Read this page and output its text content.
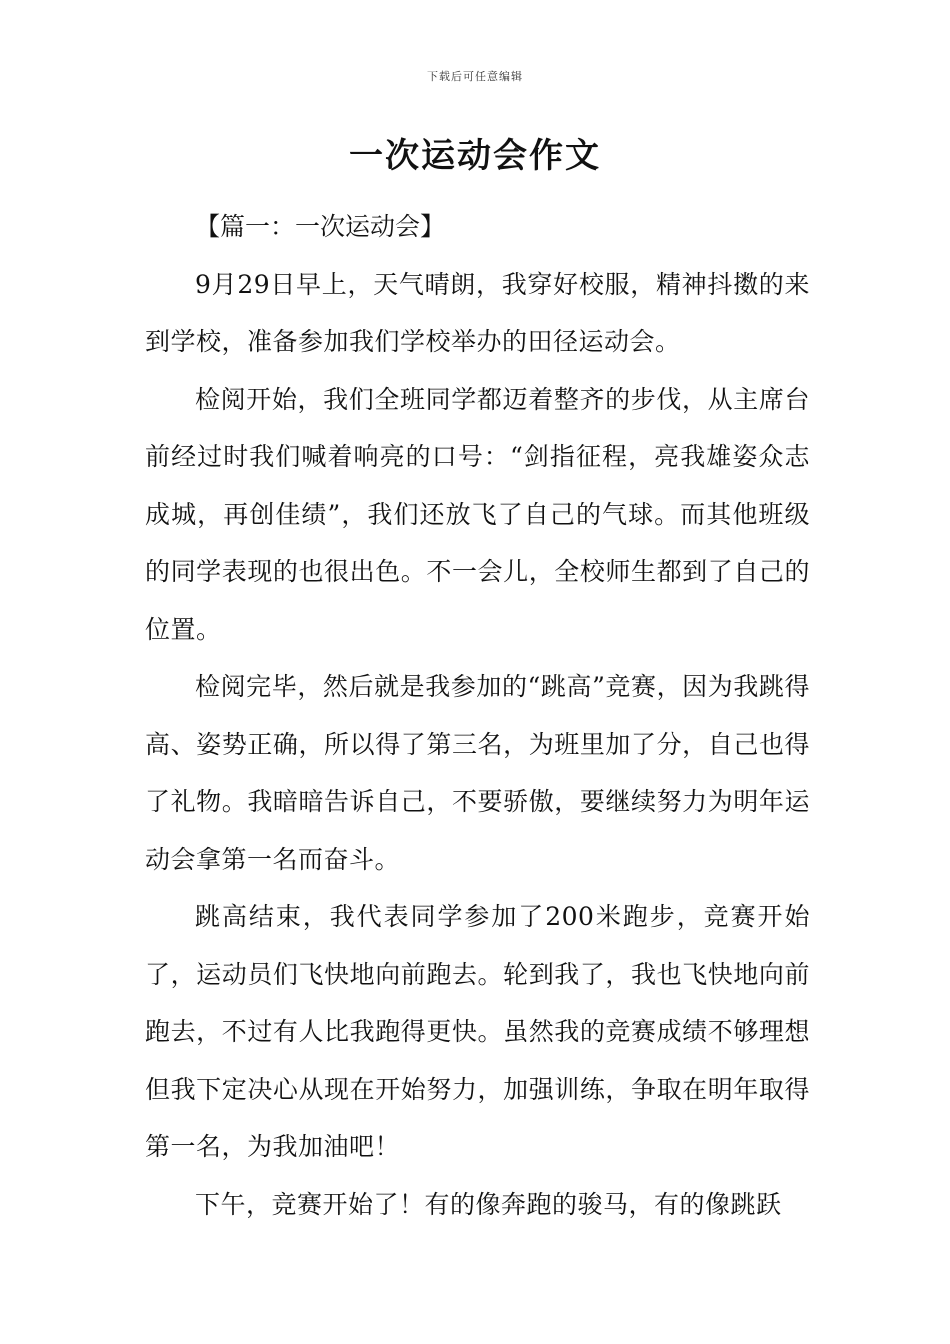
下载后可任意编辑
一次运动会作文

【篇一：一次运动会】

9月29日早上，天气晴朗，我穿好校服，精神抖擞的来到学校，准备参加我们学校举办的田径运动会。

检阅开始，我们全班同学都迈着整齐的步伐，从主席台前经过时我们喊着响亮的口号：“剑指征程，亮我雄姿众志成城，再创佳绩”，我们还放飞了自己的气球。而其他班级的同学表现的也很出色。不一会儿，全校师生都到了自己的位置。

检阅完毕，然后就是我参加的“跳高”竞赛，因为我跳得高、姿势正确，所以得了第三名，为班里加了分，自己也得了礼物。我暗暗告诉自己，不要骄傲，要继续努力为明年运动会拿第一名而奋斗。

跳高结束，我代表同学参加了200米跑步，竞赛开始了，运动员们飞快地向前跑去。轮到我了，我也飞快地向前跑去，不过有人比我跑得更快。虽然我的竞赛成绩不够理想但我下定决心从现在开始努力，加强训练，争取在明年取得第一名，为我加油吧！

下午，竞赛开始了！有的像奔跑的骏马，有的像跳跃
